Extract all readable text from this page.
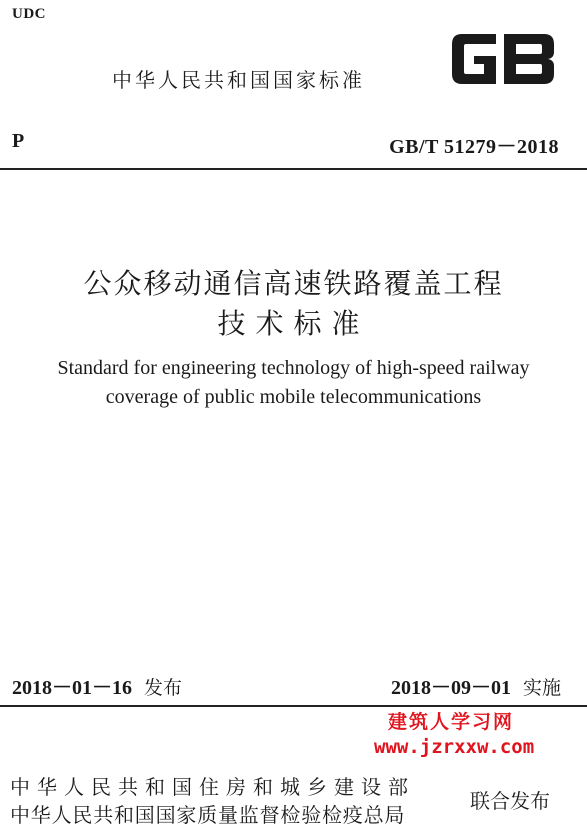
UDC
中华人民共和国国家标准
P	GB/T 51279－2018
公众移动通信高速铁路覆盖工程
技术标准
Standard for engineering technology of high-speed railway
coverage of public mobile telecommunications
2018－01－16 发布	2018－09－01 实施
建筑人学习网
www.jzrxxw.com
中华人民共和国住房和城乡建设部
中华人民共和国国家质量监督检验检疫总局
联合发布
